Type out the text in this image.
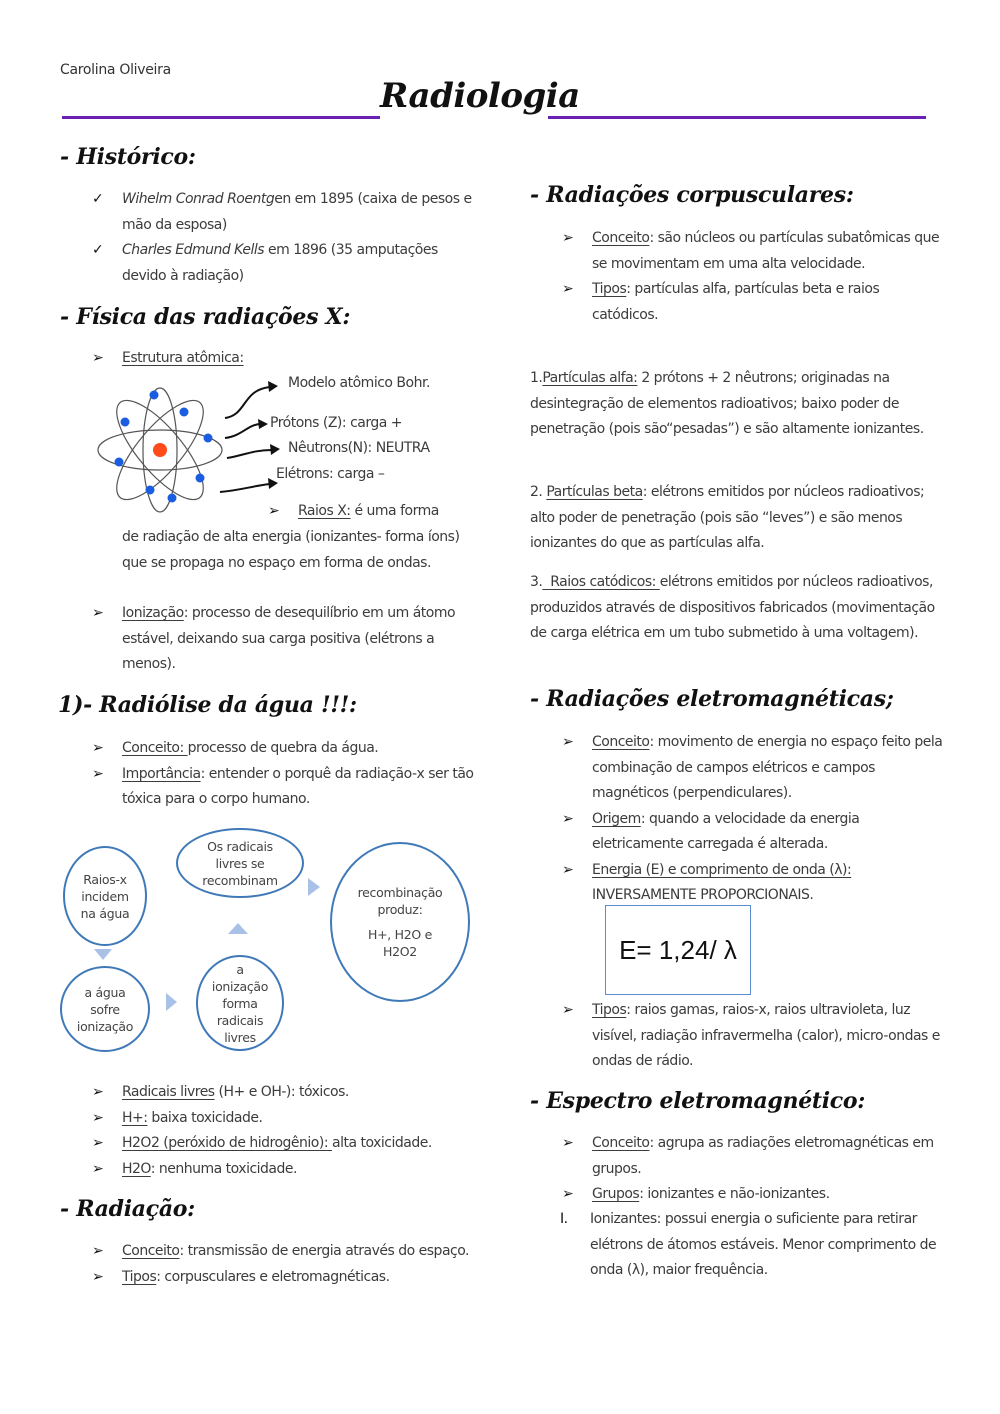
Carolina Oliveira
Radiologia
- Histórico:
✓ Wihelm Conrad Roentgen em 1895 (caixa de pesos e mão da esposa)
✓ Charles Edmund Kells em 1896 (35 amputações devido à radiação)
- Física das radiações X:
➢ Estrutura atômica:
Modelo atômico Bohr.
Prótons (Z): carga +
Nêutrons(N): NEUTRA
Elétrons: carga –
➢ Raios X: é uma forma
de radiação de alta energia (ionizantes- forma íons) que se propaga no espaço em forma de ondas.
➢ Ionização: processo de desequilíbrio em um átomo estável, deixando sua carga positiva (elétrons a menos).
1)- Radiólise da água !!!:
➢ Conceito: processo de quebra da água.
➢ Importância: entender o porquê da radiação-x ser tão tóxica para o corpo humano.
Raios-x incidem na água
a água sofre ionização
a ionização forma radicais livres
Os radicais livres se recombinam
recombinação produz:
H+, H2O e H2O2
➢ Radicais livres (H+ e OH-): tóxicos.
➢ H+: baixa toxicidade.
➢ H2O2 (peróxido de hidrogênio): alta toxicidade.
➢ H2O: nenhuma toxicidade.
- Radiação:
➢ Conceito: transmissão de energia através do espaço.
➢ Tipos: corpusculares e eletromagnéticas.
- Radiações corpusculares:
➢ Conceito: são núcleos ou partículas subatômicas que se movimentam em uma alta velocidade.
➢ Tipos: partículas alfa, partículas beta e raios catódicos.
1.Partículas alfa: 2 prótons + 2 nêutrons; originadas na desintegração de elementos radioativos; baixo poder de penetração (pois são“pesadas”) e são altamente ionizantes.
2. Partículas beta: elétrons emitidos por núcleos radioativos; alto poder de penetração (pois são “leves”) e são menos ionizantes do que as partículas alfa.
3.  Raios catódicos: elétrons emitidos por núcleos radioativos, produzidos através de dispositivos fabricados (movimentação de carga elétrica em um tubo submetido à uma voltagem).
- Radiações eletromagnéticas;
➢ Conceito: movimento de energia no espaço feito pela combinação de campos elétricos e campos magnéticos (perpendiculares).
➢ Origem: quando a velocidade da energia eletricamente carregada é alterada.
➢ Energia (E) e comprimento de onda (λ): INVERSAMENTE PROPORCIONAIS.
E= 1,24/ λ
➢ Tipos: raios gamas, raios-x, raios ultravioleta, luz visível, radiação infravermelha (calor), micro-ondas e ondas de rádio.
- Espectro eletromagnético:
➢ Conceito: agrupa as radiações eletromagnéticas em grupos.
➢ Grupos: ionizantes e não-ionizantes.
I. Ionizantes: possui energia o suficiente para retirar elétrons de átomos estáveis. Menor comprimento de onda (λ), maior frequência.
